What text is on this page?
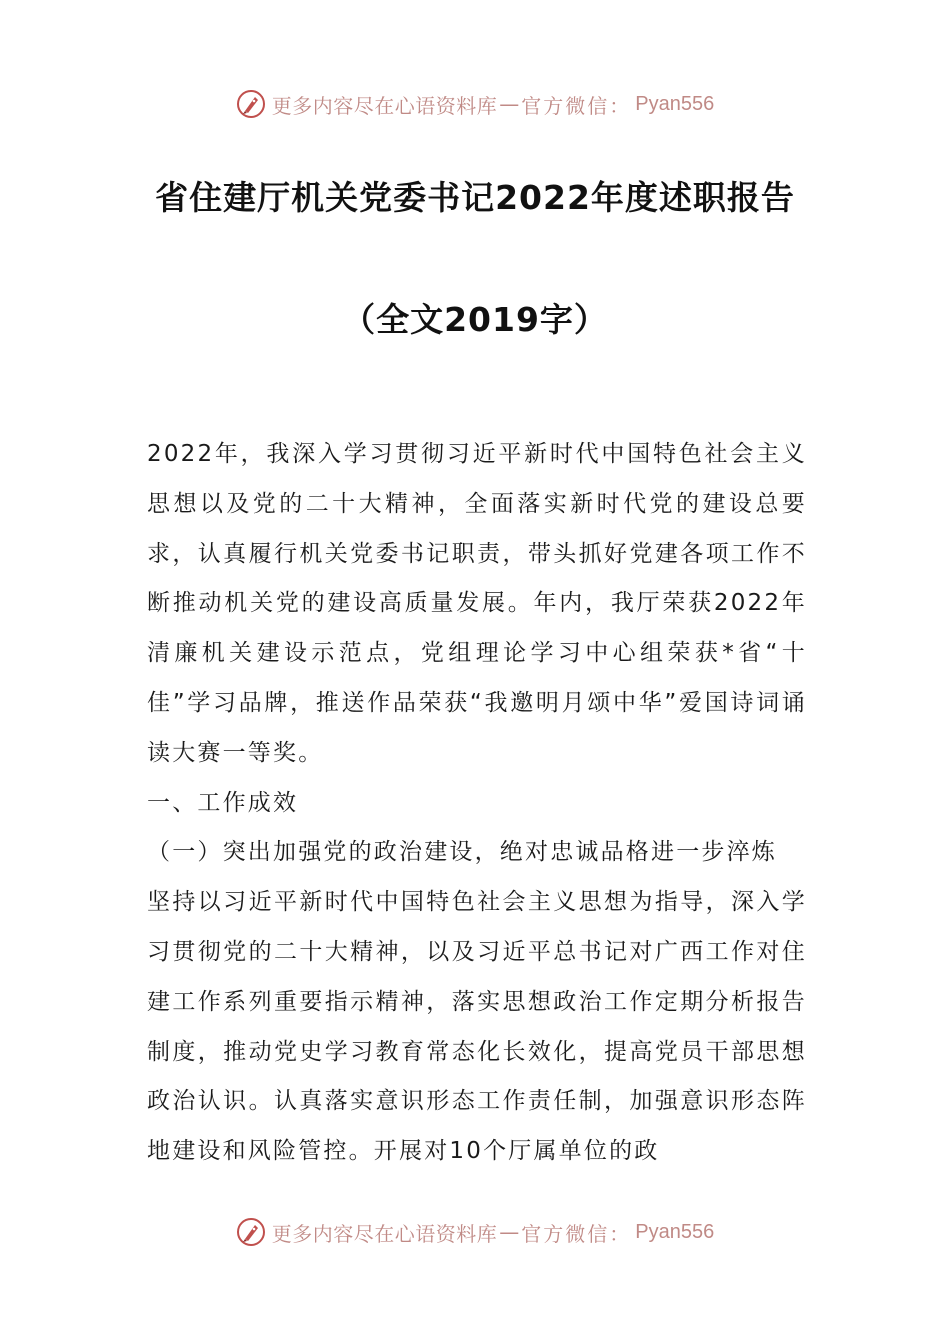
更多内容尽在心语资料库 — 官方微信： Pyan556
省住建厅机关党委书记2022年度述职报告
（全文2019字）

2022年，我深入学习贯彻习近平新时代中国特色社会主义思想以及党的二十大精神，全面落实新时代党的建设总要求，认真履行机关党委书记职责，带头抓好党建各项工作不断推动机关党的建设高质量发展。年内，我厅荣获2022年清廉机关建设示范点，党组理论学习中心组荣获*省“十佳”学习品牌，推送作品荣获“我邀明月颂中华”爱国诗词诵读大赛一等奖。

一、工作成效

（一）突出加强党的政治建设，绝对忠诚品格进一步淬炼

坚持以习近平新时代中国特色社会主义思想为指导，深入学习贯彻党的二十大精神，以及习近平总书记对广西工作对住建工作系列重要指示精神，落实思想政治工作定期分析报告制度，推动党史学习教育常态化长效化，提高党员干部思想政治认识。认真落实意识形态工作责任制，加强意识形态阵地建设和风险管控。开展对10个厅属单位的政

更多内容尽在心语资料库 — 官方微信： Pyan556
